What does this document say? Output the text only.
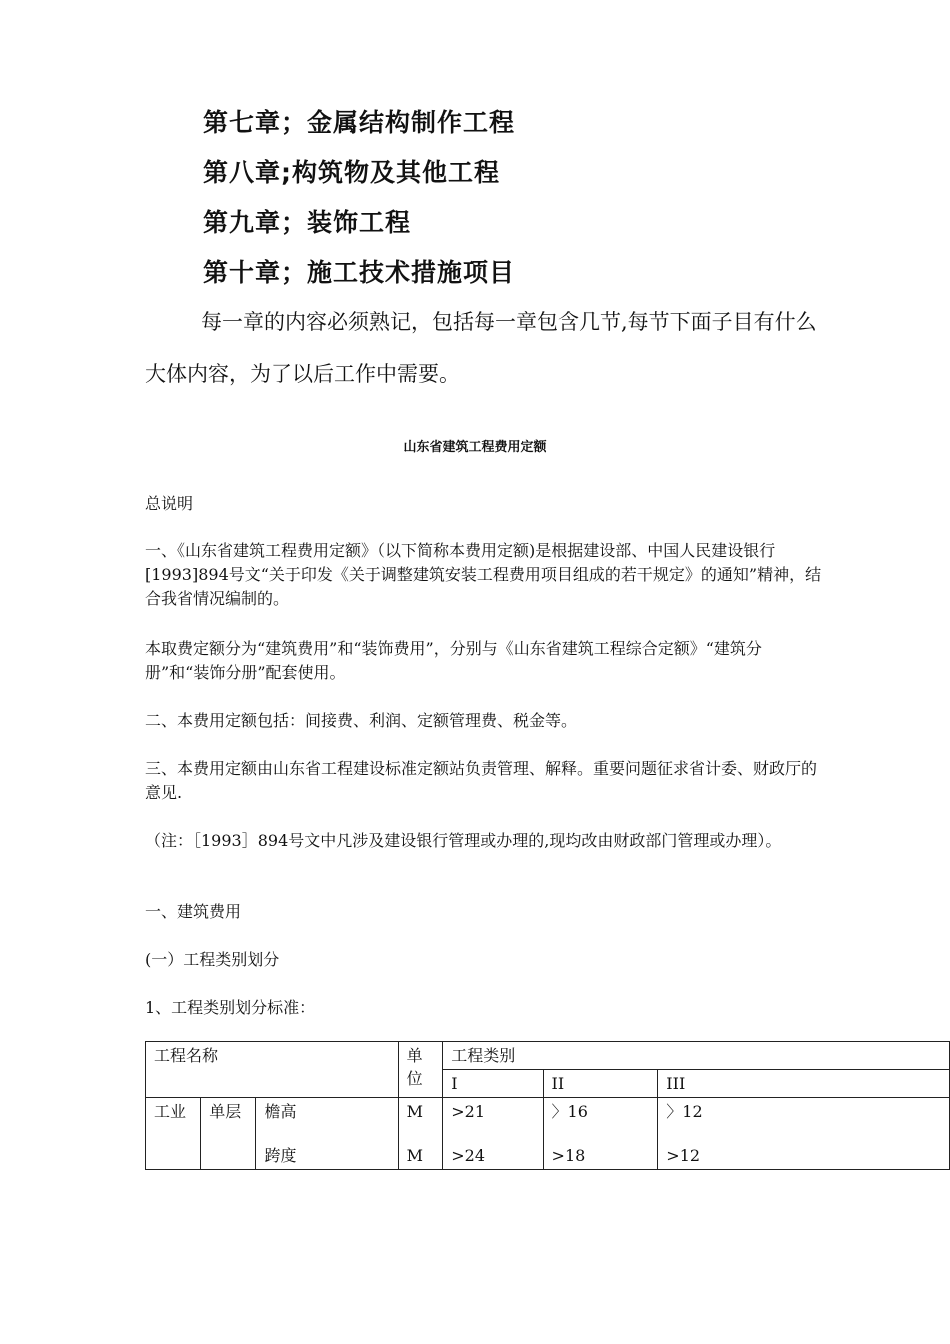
第七章；金属结构制作工程
第八章;构筑物及其他工程
第九章；装饰工程
第十章；施工技术措施项目
每一章的内容必须熟记，包括每一章包含几节,每节下面子目有什么大体内容，为了以后工作中需要。
山东省建筑工程费用定额
总说明
一、《山东省建筑工程费用定额》（以下简称本费用定额)是根据建设部、中国人民建设银行[1993]894号文“关于印发《关于调整建筑安装工程费用项目组成的若干规定》的通知”精神，结合我省情况编制的。
本取费定额分为“建筑费用”和“装饰费用”，分别与《山东省建筑工程综合定额》“建筑分册”和“装饰分册”配套使用。
二、本费用定额包括：间接费、利润、定额管理费、税金等。
三、本费用定额由山东省工程建设标准定额站负责管理、解释。重要问题征求省计委、财政厅的意见.
（注：［1993］894号文中凡涉及建设银行管理或办理的,现均改由财政部门管理或办理）。
一、建筑费用
(一）工程类别划分
1、工程类别划分标准：
工程名称			单位	工程类别		
				I	II	III
工业	单层	檐高	M	>21	〉16	〉12
		跨度	M	>24	>18	>12
